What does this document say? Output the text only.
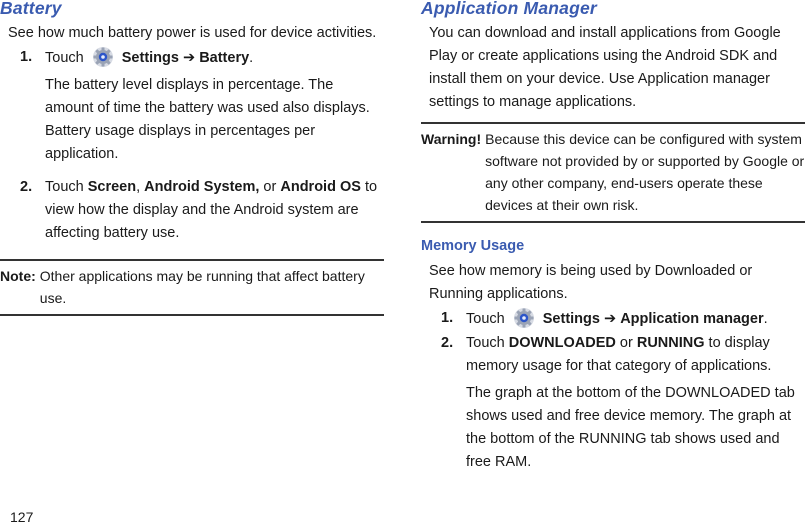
Battery

See how much battery power is used for device activities.

1. Touch	Settings ➔ Battery.

The battery level displays in percentage. The amount of time the battery was used also displays. Battery usage displays in percentages per application.

2. Touch Screen, Android System, or Android OS to view how the display and the Android system are affecting battery use.
Note: Other applications may be running that affect battery use.
Application Manager

You can download and install applications from Google Play or create applications using the Android SDK and install them on your device. Use Application manager settings to manage applications.

Warning! Because this device can be configured with system software not provided by or supported by Google or any other company, end-users operate these devices at their own risk.
Memory Usage

See how memory is being used by Downloaded or Running applications.

1. Touch	Settings ➔ Application manager.
2. Touch DOWNLOADED or RUNNING to display memory usage for that category of applications.

The graph at the bottom of the DOWNLOADED tab shows used and free device memory. The graph at the bottom of the RUNNING tab shows used and free RAM.

127
